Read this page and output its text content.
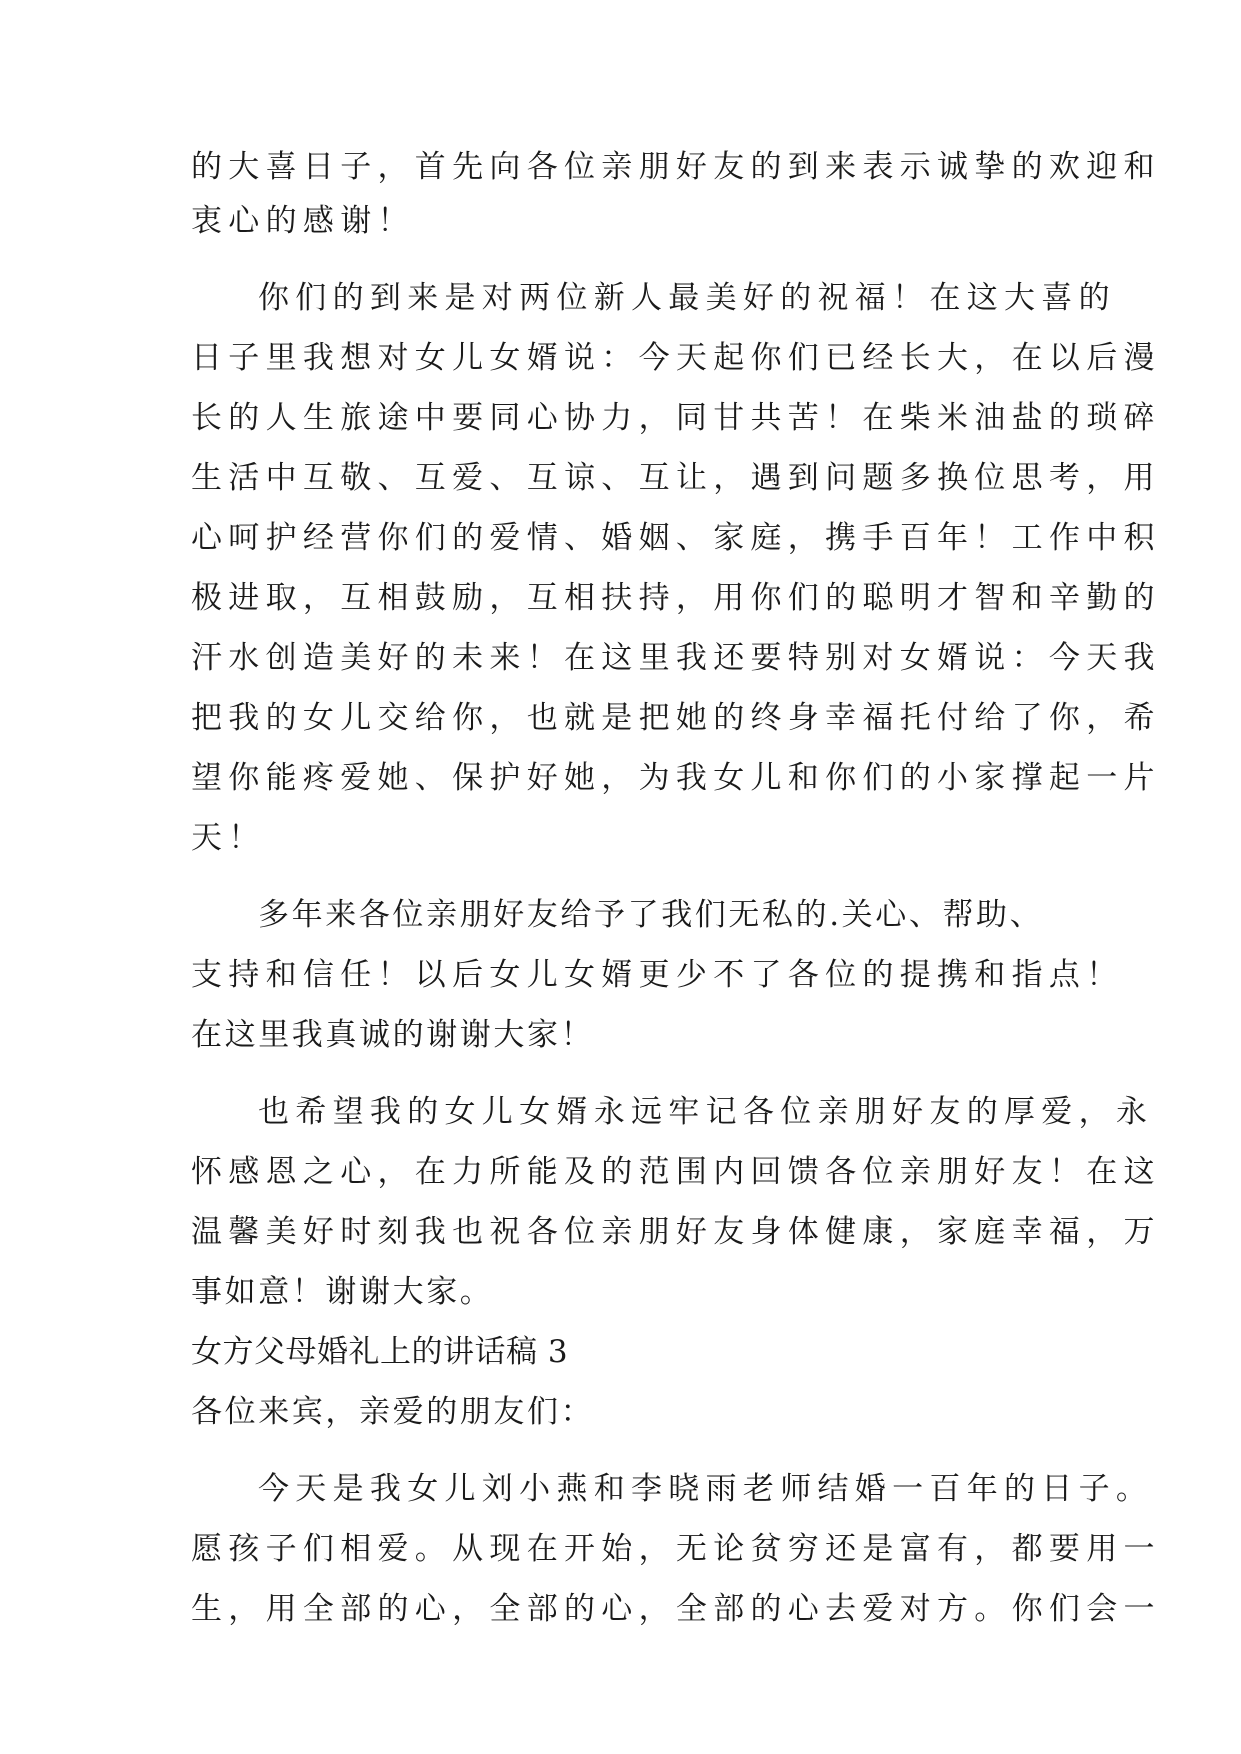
的大喜日子，首先向各位亲朋好友的到来表示诚挚的欢迎和
衷心的感谢！
你们的到来是对两位新人最美好的祝福！在这大喜的
日子里我想对女儿女婿说：今天起你们已经长大，在以后漫
长的人生旅途中要同心协力，同甘共苦！在柴米油盐的琐碎
生活中互敬、互爱、互谅、互让，遇到问题多换位思考，用
心呵护经营你们的爱情、婚姻、家庭，携手百年！工作中积
极进取，互相鼓励，互相扶持，用你们的聪明才智和辛勤的
汗水创造美好的未来！在这里我还要特别对女婿说：今天我
把我的女儿交给你，也就是把她的终身幸福托付给了你，希
望你能疼爱她、保护好她，为我女儿和你们的小家撑起一片
天！
多年来各位亲朋好友给予了我们无私的.关心、帮助、
支持和信任！以后女儿女婿更少不了各位的提携和指点！
在这里我真诚的谢谢大家！
也希望我的女儿女婿永远牢记各位亲朋好友的厚爱，永
怀感恩之心，在力所能及的范围内回馈各位亲朋好友！在这
温馨美好时刻我也祝各位亲朋好友身体健康，家庭幸福，万
事如意！谢谢大家。
女方父母婚礼上的讲话稿 3
各位来宾，亲爱的朋友们：
今天是我女儿刘小燕和李晓雨老师结婚一百年的日子。
愿孩子们相爱。从现在开始，无论贫穷还是富有，都要用一
生，用全部的心，全部的心，全部的心去爱对方。你们会一
